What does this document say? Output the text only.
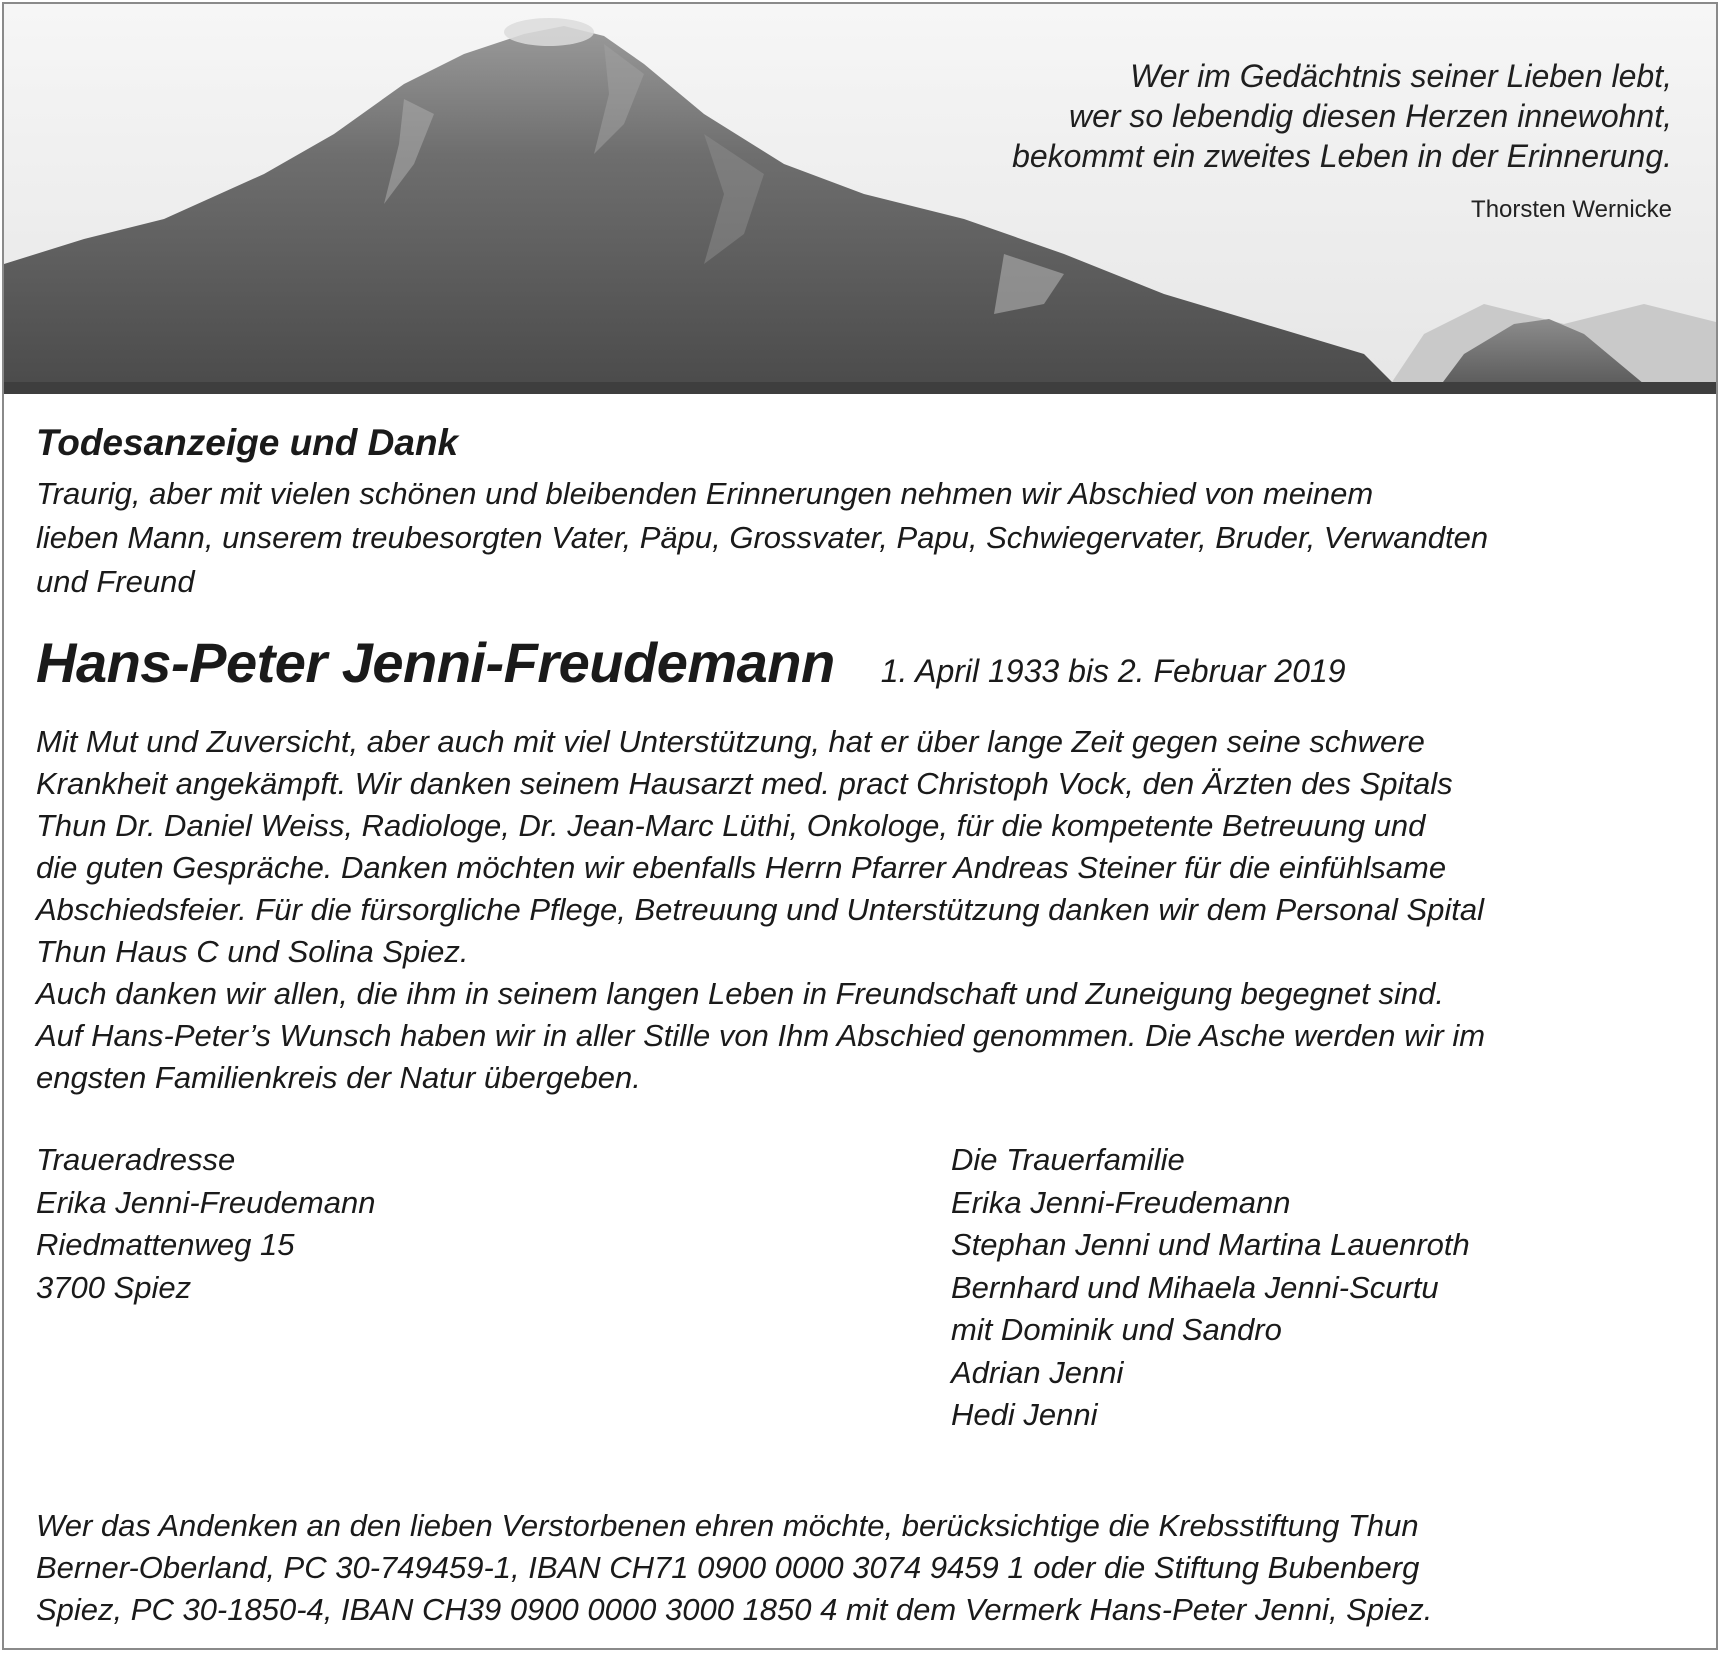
Wer im Gedächtnis seiner Lieben lebt,
wer so lebendig diesen Herzen innewohnt,
bekommt ein zweites Leben in der Erinnerung.
Thorsten Wernicke
Todesanzeige und Dank
Traurig, aber mit vielen schönen und bleibenden Erinnerungen nehmen wir Abschied von meinem
lieben Mann, unserem treubesorgten Vater, Päpu, Grossvater, Papu, Schwiegervater, Bruder, Verwandten
und Freund
Hans-Peter Jenni-Freudemann 1. April 1933 bis 2. Februar 2019
Mit Mut und Zuversicht, aber auch mit viel Unterstützung, hat er über lange Zeit gegen seine schwere
Krankheit angekämpft. Wir danken seinem Hausarzt med. pract Christoph Vock, den Ärzten des Spitals
Thun Dr. Daniel Weiss, Radiologe, Dr. Jean-Marc Lüthi, Onkologe, für die kompetente Betreuung und
die guten Gespräche. Danken möchten wir ebenfalls Herrn Pfarrer Andreas Steiner für die einfühlsame
Abschiedsfeier. Für die fürsorgliche Pflege, Betreuung und Unterstützung danken wir dem Personal Spital
Thun Haus C und Solina Spiez.
Auch danken wir allen, die ihm in seinem langen Leben in Freundschaft und Zuneigung begegnet sind.
Auf Hans-Peter’s Wunsch haben wir in aller Stille von Ihm Abschied genommen. Die Asche werden wir im
engsten Familienkreis der Natur übergeben.
Traueradresse
Erika Jenni-Freudemann
Riedmattenweg 15
3700 Spiez
Die Trauerfamilie
Erika Jenni-Freudemann
Stephan Jenni und Martina Lauenroth
Bernhard und Mihaela Jenni-Scurtu
mit Dominik und Sandro
Adrian Jenni
Hedi Jenni
Wer das Andenken an den lieben Verstorbenen ehren möchte, berücksichtige die Krebsstiftung Thun
Berner-Oberland, PC 30-749459-1, IBAN CH71 0900 0000 3074 9459 1 oder die Stiftung Bubenberg
Spiez, PC 30-1850-4, IBAN CH39 0900 0000 3000 1850 4 mit dem Vermerk Hans-Peter Jenni, Spiez.
